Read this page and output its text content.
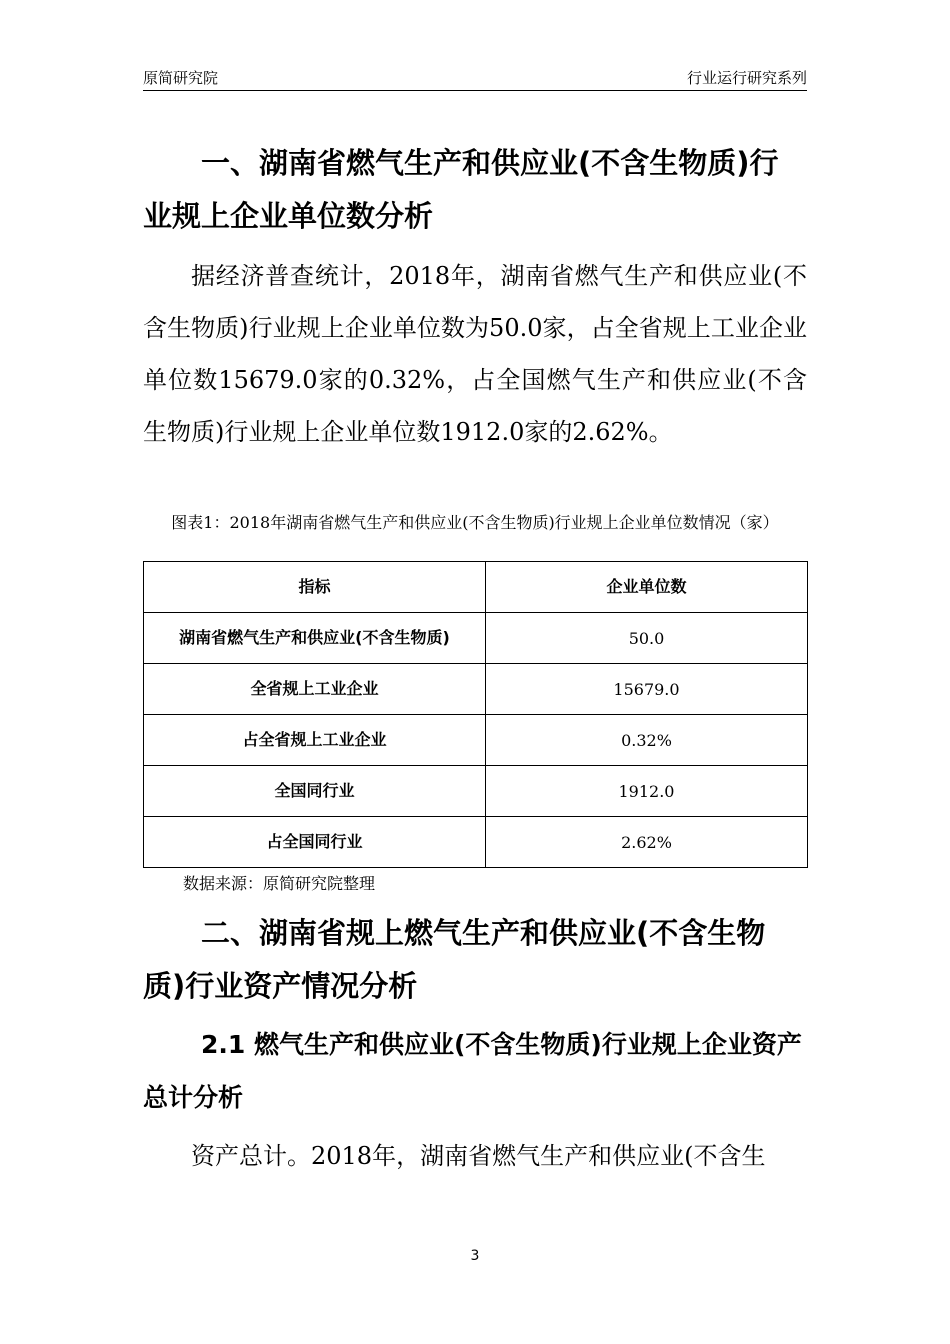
原简研究院	行业运行研究系列
一、湖南省燃气生产和供应业(不含生物质)行业规上企业单位数分析
据经济普查统计，2018年，湖南省燃气生产和供应业(不含生物质)行业规上企业单位数为50.0家，占全省规上工业企业单位数15679.0家的0.32%，占全国燃气生产和供应业(不含生物质)行业规上企业单位数1912.0家的2.62%。
图表1：2018年湖南省燃气生产和供应业(不含生物质)行业规上企业单位数情况（家）
指标	企业单位数
湖南省燃气生产和供应业(不含生物质)	50.0
全省规上工业企业	15679.0
占全省规上工业企业	0.32%
全国同行业	1912.0
占全国同行业	2.62%
数据来源：原简研究院整理
二、湖南省规上燃气生产和供应业(不含生物质)行业资产情况分析
2.1 燃气生产和供应业(不含生物质)行业规上企业资产总计分析
资产总计。2018年，湖南省燃气生产和供应业(不含生
3
